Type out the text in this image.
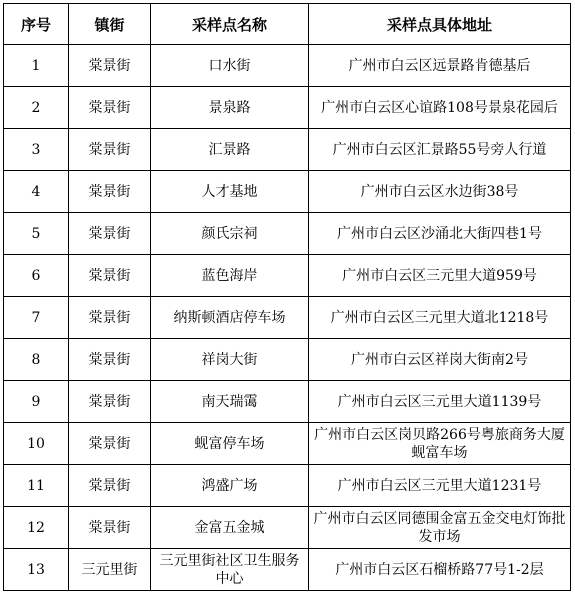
序号	镇街	采样点名称	采样点具体地址
1	棠景街	口水街	广州市白云区远景路肯德基后
2	棠景街	景泉路	广州市白云区心谊路108号景泉花园后
3	棠景街	汇景路	广州市白云区汇景路55号旁人行道
4	棠景街	人才基地	广州市白云区水边街38号
5	棠景街	颜氏宗祠	广州市白云区沙涌北大街四巷1号
6	棠景街	蓝色海岸	广州市白云区三元里大道959号
7	棠景街	纳斯顿酒店停车场	广州市白云区三元里大道北1218号
8	棠景街	祥岗大街	广州市白云区祥岗大街南2号
9	棠景街	南天瑞霭	广州市白云区三元里大道1139号
10	棠景街	蚬富停车场	广州市白云区岗贝路266号粤旅商务大厦蚬富车场
11	棠景街	鸿盛广场	广州市白云区三元里大道1231号
12	棠景街	金富五金城	广州市白云区同德围金富五金交电灯饰批发市场
13	三元里街	三元里街社区卫生服务中心	广州市白云区石榴桥路77号1-2层
